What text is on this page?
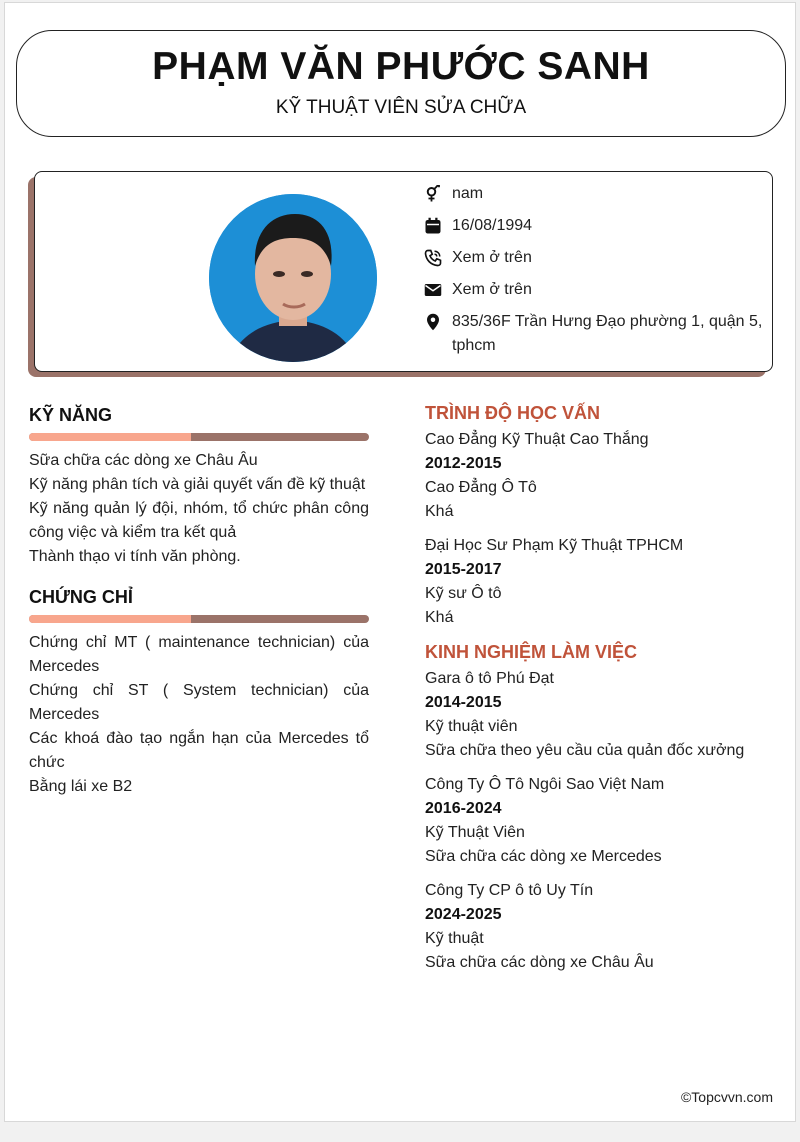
PHẠM VĂN PHƯỚC SANH
KỸ THUẬT VIÊN SỬA CHỮA
nam
16/08/1994
Xem ở trên
Xem ở trên
835/36F Trần Hưng Đạo phường 1, quận 5, tphcm
KỸ NĂNG
Sữa chữa các dòng xe Châu Âu
Kỹ năng phân tích và giải quyết vấn đề kỹ thuật
Kỹ năng quản lý đội, nhóm, tổ chức phân công công việc và kiểm tra kết quả
Thành thạo vi tính văn phòng.
CHỨNG CHỈ
Chứng chỉ MT ( maintenance technician) của Mercedes
Chứng chỉ ST ( System technician) của Mercedes
Các khoá đào tạo ngắn hạn của Mercedes tổ chức
Bằng lái xe B2
TRÌNH ĐỘ HỌC VẤN
Cao Đẳng Kỹ Thuật Cao Thắng
2012-2015
Cao Đẳng Ô Tô
Khá
Đại Học Sư Phạm Kỹ Thuật TPHCM
2015-2017
Kỹ sư Ô tô
Khá
KINH NGHIỆM LÀM VIỆC
Gara ô tô Phú Đạt
2014-2015
Kỹ thuật viên
Sữa chữa theo yêu cầu của quản đốc xưởng
Công Ty Ô Tô Ngôi Sao Việt Nam
2016-2024
Kỹ Thuật Viên
Sữa chữa các dòng xe Mercedes
Công Ty CP ô tô Uy Tín
2024-2025
Kỹ thuật
Sữa chữa các dòng xe Châu Âu
©Topcvvn.com
